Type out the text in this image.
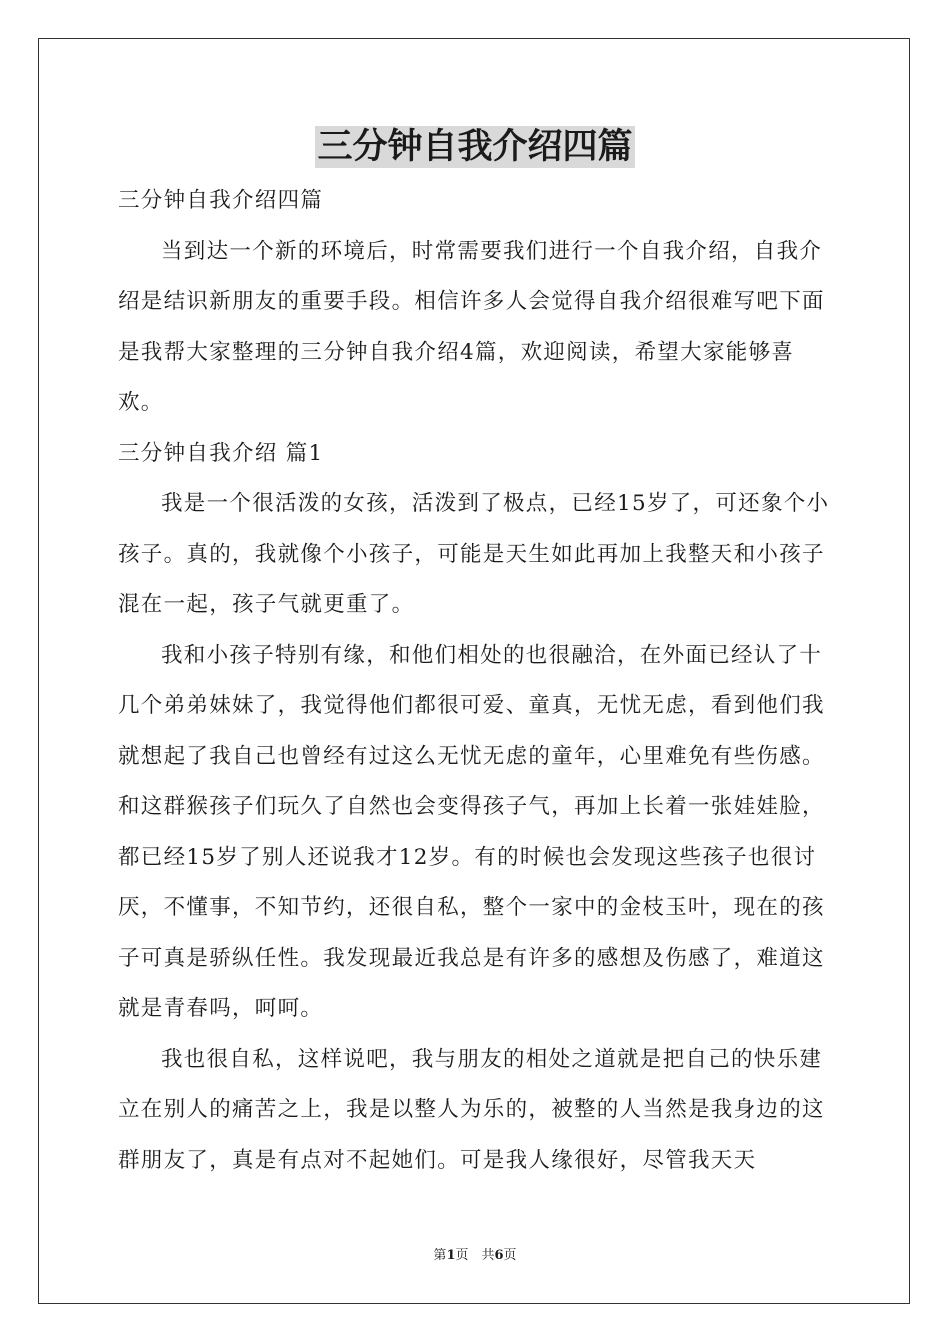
三分钟自我介绍四篇

三分钟自我介绍四篇

当到达一个新的环境后，时常需要我们进行一个自我介绍，自我介绍是结识新朋友的重要手段。相信许多人会觉得自我介绍很难写吧下面是我帮大家整理的三分钟自我介绍4篇，欢迎阅读，希望大家能够喜欢。

三分钟自我介绍 篇1

我是一个很活泼的女孩，活泼到了极点，已经15岁了，可还象个小孩子。真的，我就像个小孩子，可能是天生如此再加上我整天和小孩子混在一起，孩子气就更重了。

我和小孩子特别有缘，和他们相处的也很融洽，在外面已经认了十几个弟弟妹妹了，我觉得他们都很可爱、童真，无忧无虑，看到他们我就想起了我自己也曾经有过这么无忧无虑的童年，心里难免有些伤感。和这群猴孩子们玩久了自然也会变得孩子气，再加上长着一张娃娃脸，都已经15岁了别人还说我才12岁。有的时候也会发现这些孩子也很讨厌，不懂事，不知节约，还很自私，整个一家中的金枝玉叶，现在的孩子可真是骄纵任性。我发现最近我总是有许多的感想及伤感了，难道这就是青春吗，呵呵。

我也很自私，这样说吧，我与朋友的相处之道就是把自己的快乐建立在别人的痛苦之上，我是以整人为乐的，被整的人当然是我身边的这群朋友了，真是有点对不起她们。可是我人缘很好，尽管我天天

第1页　共6页
